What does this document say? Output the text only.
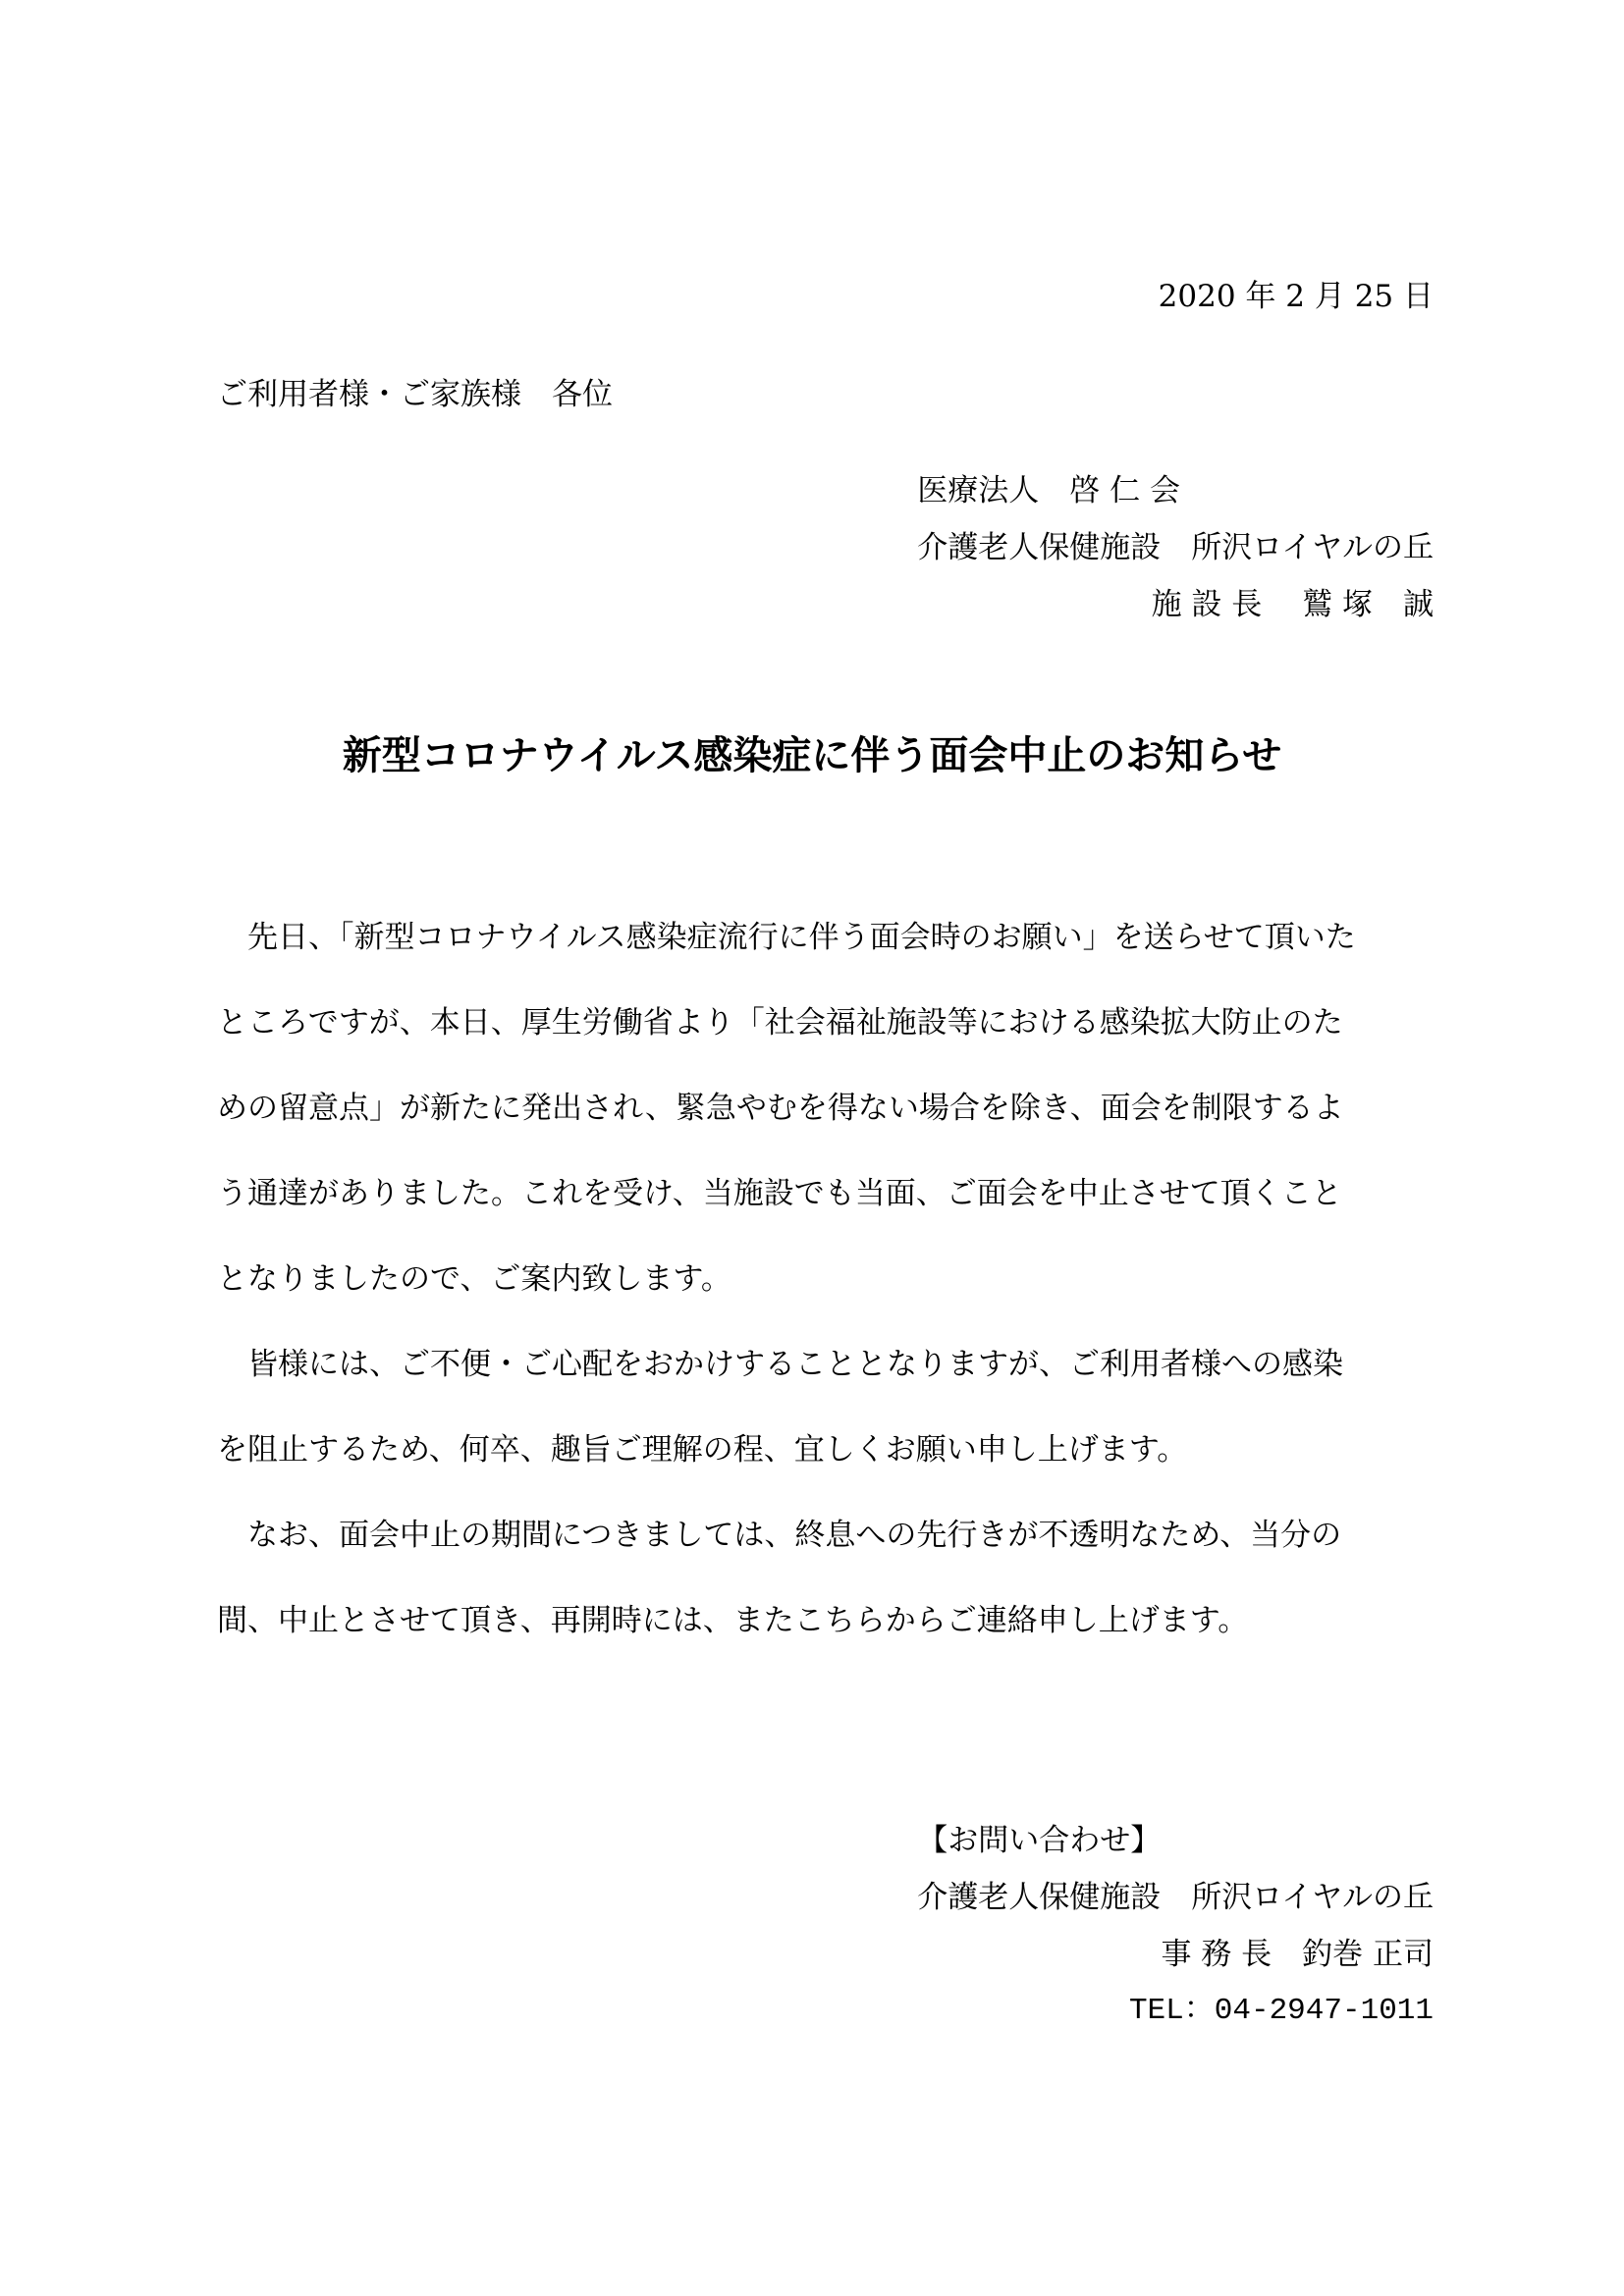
2020 年 2 月 25 日
ご利用者様・ご家族様　各位
医療法人　啓 仁 会
介護老人保健施設　所沢ロイヤルの丘
施 設 長　 鷲 塚　誠
新型コロナウイルス感染症に伴う面会中止のお知らせ
先日、「新型コロナウイルス感染症流行に伴う面会時のお願い」を送らせて頂いた
ところですが、本日、厚生労働省より「社会福祉施設等における感染拡大防止のた
めの留意点」が新たに発出され、緊急やむを得ない場合を除き、面会を制限するよ
う通達がありました。これを受け、当施設でも当面、ご面会を中止させて頂くこと
となりましたので、ご案内致します。
皆様には、ご不便・ご心配をおかけすることとなりますが、ご利用者様への感染
を阻止するため、何卒、趣旨ご理解の程、宜しくお願い申し上げます。
なお、面会中止の期間につきましては、終息への先行きが不透明なため、当分の
間、中止とさせて頂き、再開時には、またこちらからご連絡申し上げます。
【お問い合わせ】
介護老人保健施設　所沢ロイヤルの丘
事 務 長　釣巻 正司
TEL：04-2947-1011
